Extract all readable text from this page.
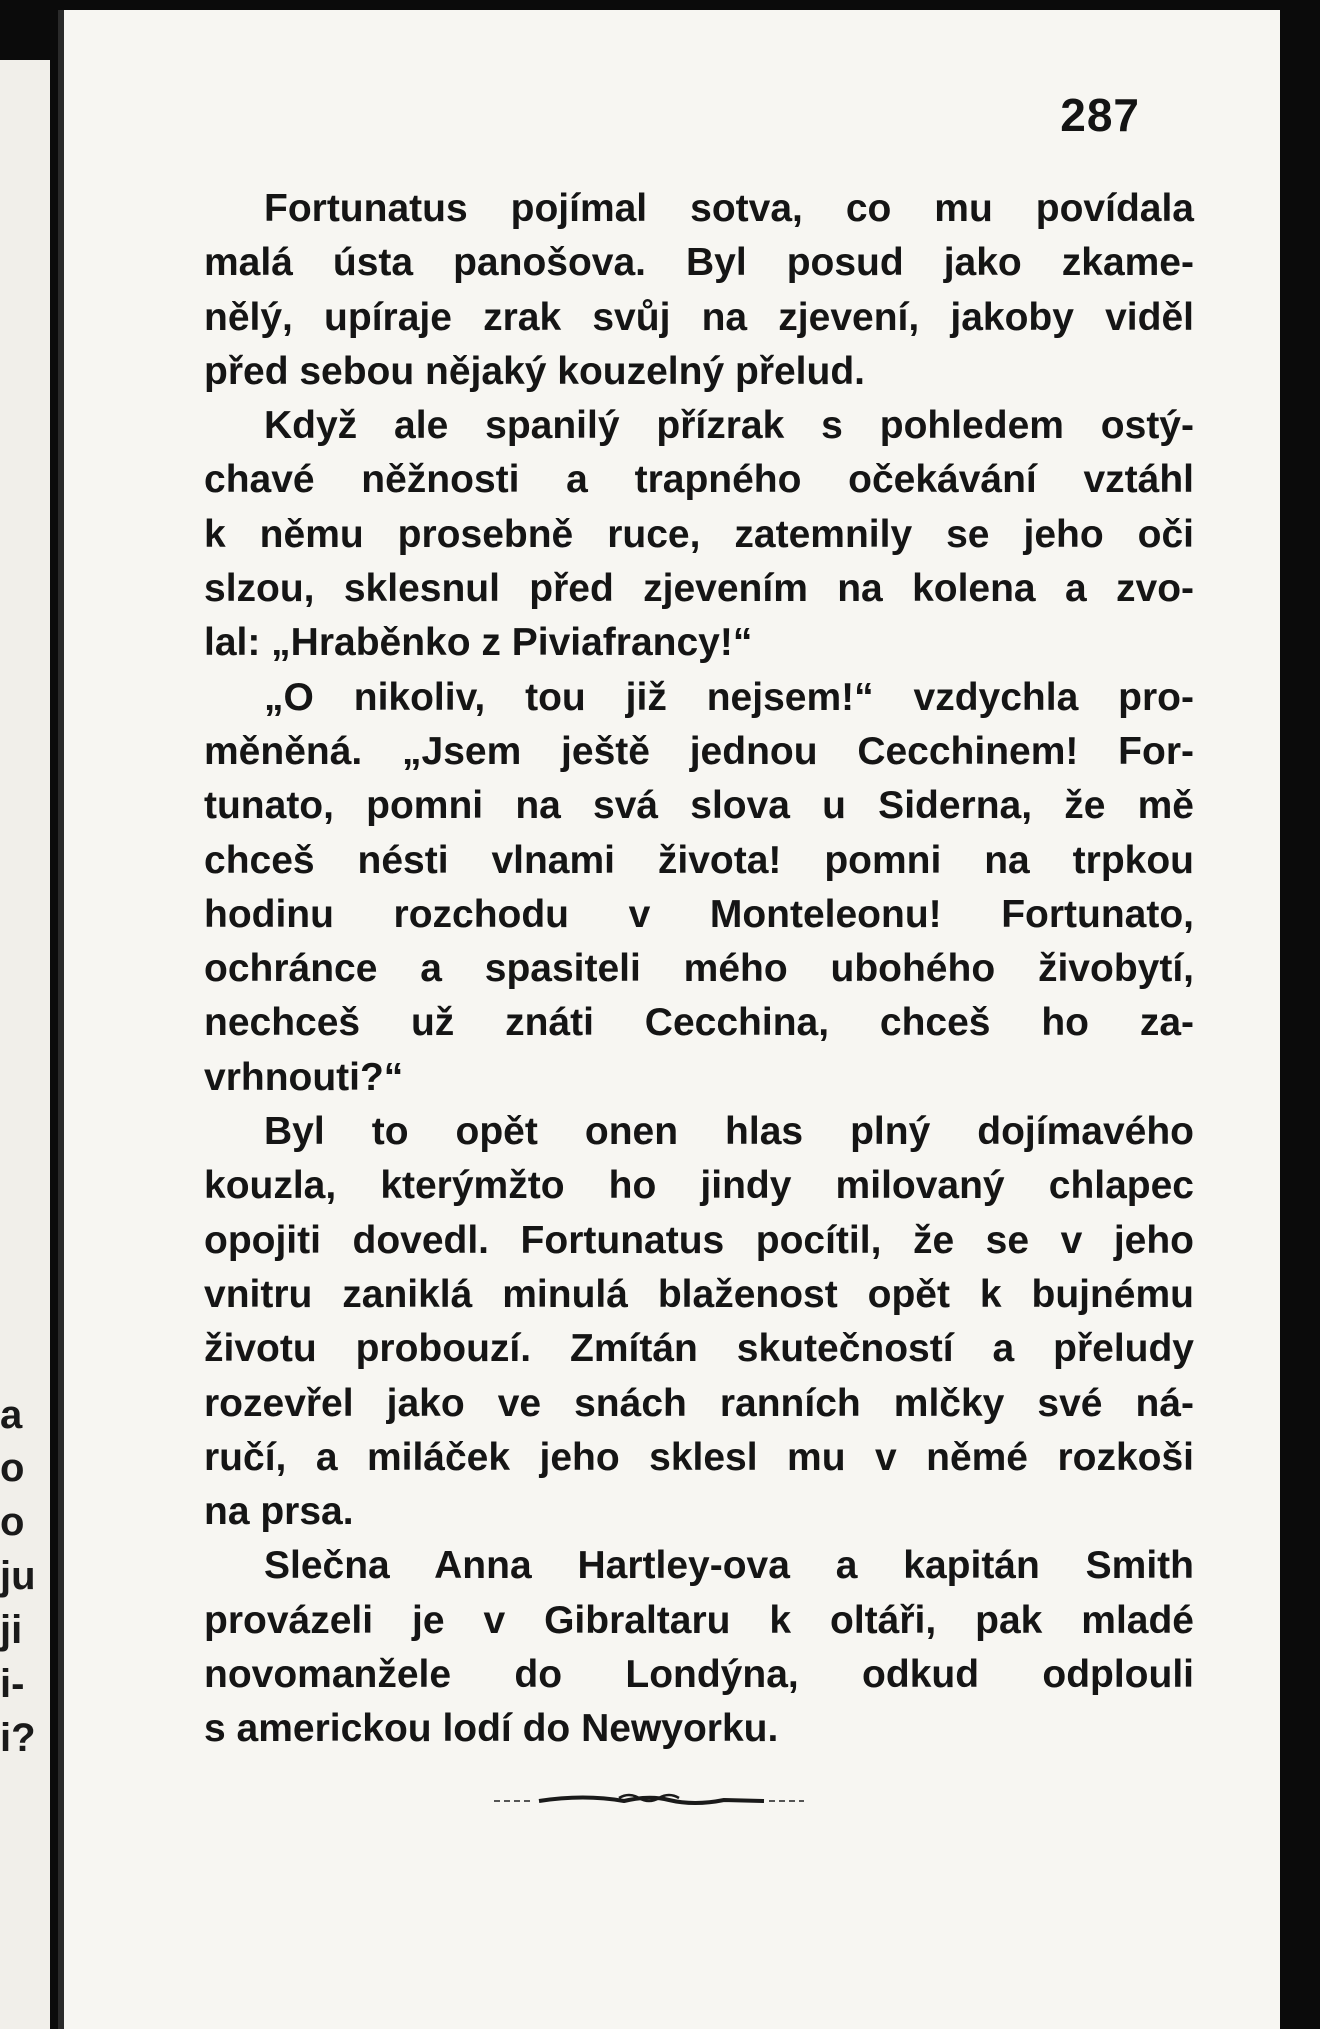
a
o
o
ju
ji
i-
i?
287
Fortunatus pojímal sotva, co mu povídala
malá ústa panošova. Byl posud jako zkame-
nělý, upíraje zrak svůj na zjevení, jakoby viděl
před sebou nějaký kouzelný přelud.
Když ale spanilý přízrak s pohledem ostý-
chavé něžnosti a trapného očekávání vztáhl
k němu prosebně ruce, zatemnily se jeho oči
slzou, sklesnul před zjevením na kolena a zvo-
lal: „Hraběnko z Piviafrancy!“
„O nikoliv, tou již nejsem!“ vzdychla pro-
měněná. „Jsem ještě jednou Cecchinem! For-
tunato, pomni na svá slova u Siderna, že mě
chceš nésti vlnami života! pomni na trpkou
hodinu rozchodu v Monteleonu! Fortunato,
ochránce a spasiteli mého ubohého živobytí,
nechceš už znáti Cecchina, chceš ho za-
vrhnouti?“
Byl to opět onen hlas plný dojímavého
kouzla, kterýmžto ho jindy milovaný chlapec
opojiti dovedl. Fortunatus pocítil, že se v jeho
vnitru zaniklá minulá blaženost opět k bujnému
životu probouzí. Zmítán skutečností a přeludy
rozevřel jako ve snách ranních mlčky své ná-
ručí, a miláček jeho sklesl mu v němé rozkoši
na prsa.
Slečna Anna Hartley-ova a kapitán Smith
provázeli je v Gibraltaru k oltáři, pak mladé
novomanžele do Londýna, odkud odplouli
s americkou lodí do Newyorku.
